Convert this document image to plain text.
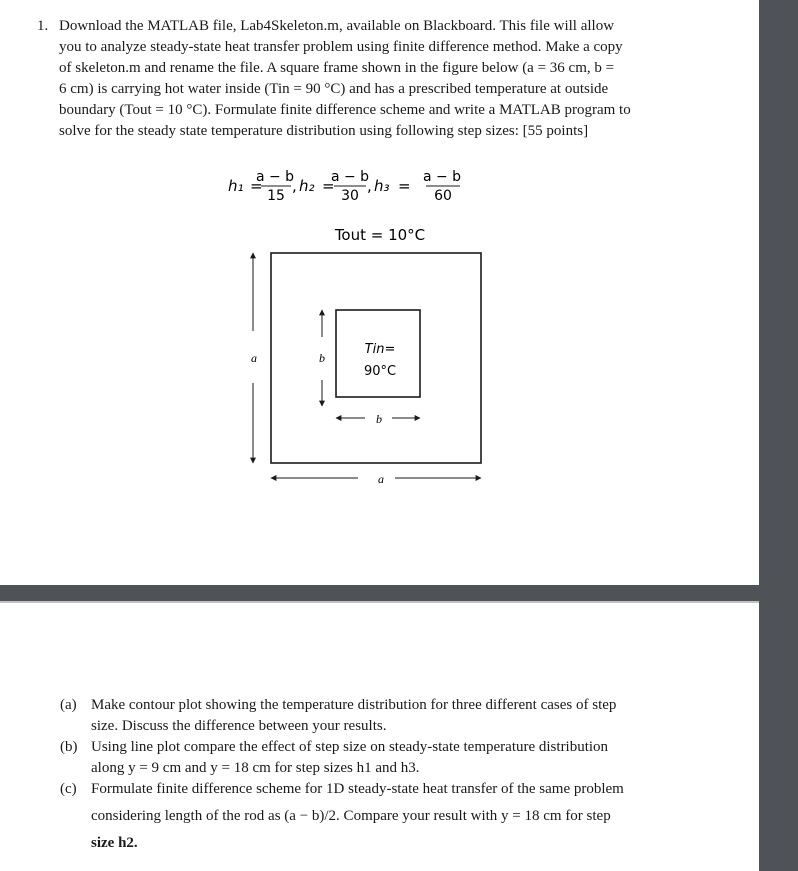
1. Download the MATLAB file, Lab4Skeleton.m, available on Blackboard. This file will allow
you to analyze steady-state heat transfer problem using finite difference method. Make a copy
of skeleton.m and rename the file. A square frame shown in the figure below (a = 36 cm, b =
6 cm) is carrying hot water inside (Tin = 90 °C) and has a prescribed temperature at outside
boundary (Tout = 10 °C). Formulate finite difference scheme and write a MATLAB program to
solve for the steady state temperature distribution using following step sizes: [55 points]
h₁ =
a − b
15
, h₂ =
a − b
30
, h₃ = a − b
60
Tout = 10°C
Tin=
90°C
a	b
b
a
(a) Make contour plot showing the temperature distribution for three different cases of step
size. Discuss the difference between your results.
(b) Using line plot compare the effect of step size on steady-state temperature distribution
along y = 9 cm and y = 18 cm for step sizes h1 and h3.
(c) Formulate finite difference scheme for 1D steady-state heat transfer of the same problem
considering length of the rod as (a − b)/2. Compare your result with y = 18 cm for step
size h2.
